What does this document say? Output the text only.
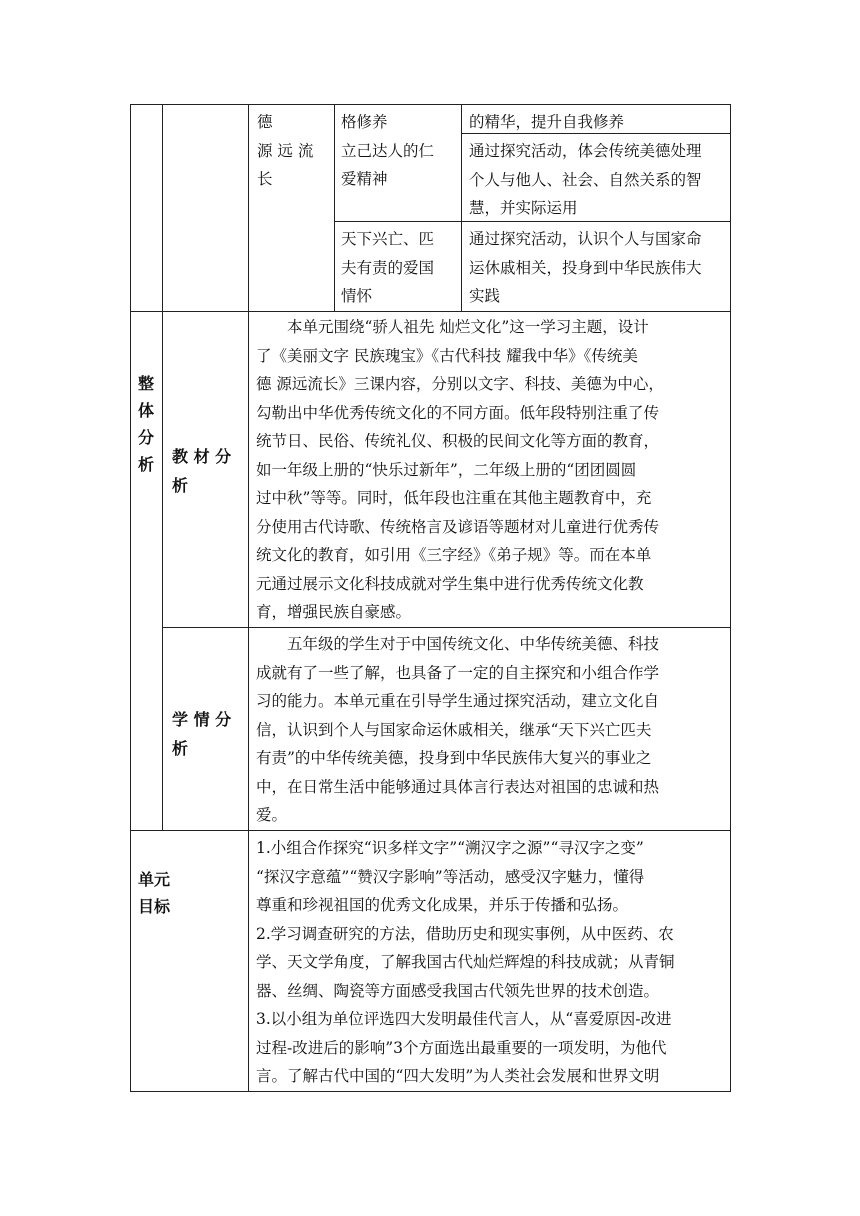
德
源 远 流
长
格修养
立己达人的仁
爱精神
天下兴亡、匹
夫有责的爱国
情怀
的精华，提升自我修养
通过探究活动，体会传统美德处理
个人与他人、社会、自然关系的智
慧，并实际运用
通过探究活动，认识个人与国家命
运休戚相关，投身到中华民族伟大
实践
整
体
分
析 教 材 分
析
本单元围绕“骄人祖先 灿烂文化”这一学习主题，设计
了《美丽文字 民族瑰宝》《古代科技 耀我中华》《传统美
德 源远流长》三课内容，分别以文字、科技、美德为中心，
勾勒出中华优秀传统文化的不同方面。低年段特别注重了传
统节日、民俗、传统礼仪、积极的民间文化等方面的教育，
如一年级上册的“快乐过新年”，二年级上册的“团团圆圆
过中秋”等等。同时，低年段也注重在其他主题教育中，充
分使用古代诗歌、传统格言及谚语等题材对儿童进行优秀传
统文化的教育，如引用《三字经》《弟子规》等。而在本单
元通过展示文化科技成就对学生集中进行优秀传统文化教
育，增强民族自豪感。
学 情 分
析
五年级的学生对于中国传统文化、中华传统美德、科技
成就有了一些了解，也具备了一定的自主探究和小组合作学
习的能力。本单元重在引导学生通过探究活动，建立文化自
信，认识到个人与国家命运休戚相关，继承“天下兴亡匹夫
有责”的中华传统美德，投身到中华民族伟大复兴的事业之
中，在日常生活中能够通过具体言行表达对祖国的忠诚和热
爱。
单元
目标
1.小组合作探究“识多样文字”“溯汉字之源”“寻汉字之变”
“探汉字意蕴”“赞汉字影响”等活动，感受汉字魅力，懂得
尊重和珍视祖国的优秀文化成果，并乐于传播和弘扬。
2.学习调查研究的方法，借助历史和现实事例，从中医药、农
学、天文学角度，了解我国古代灿烂辉煌的科技成就；从青铜
器、丝绸、陶瓷等方面感受我国古代领先世界的技术创造。
3.以小组为单位评选四大发明最佳代言人，从“喜爱原因-改进
过程-改进后的影响”3个方面选出最重要的一项发明，为他代
言。了解古代中国的“四大发明”为人类社会发展和世界文明
